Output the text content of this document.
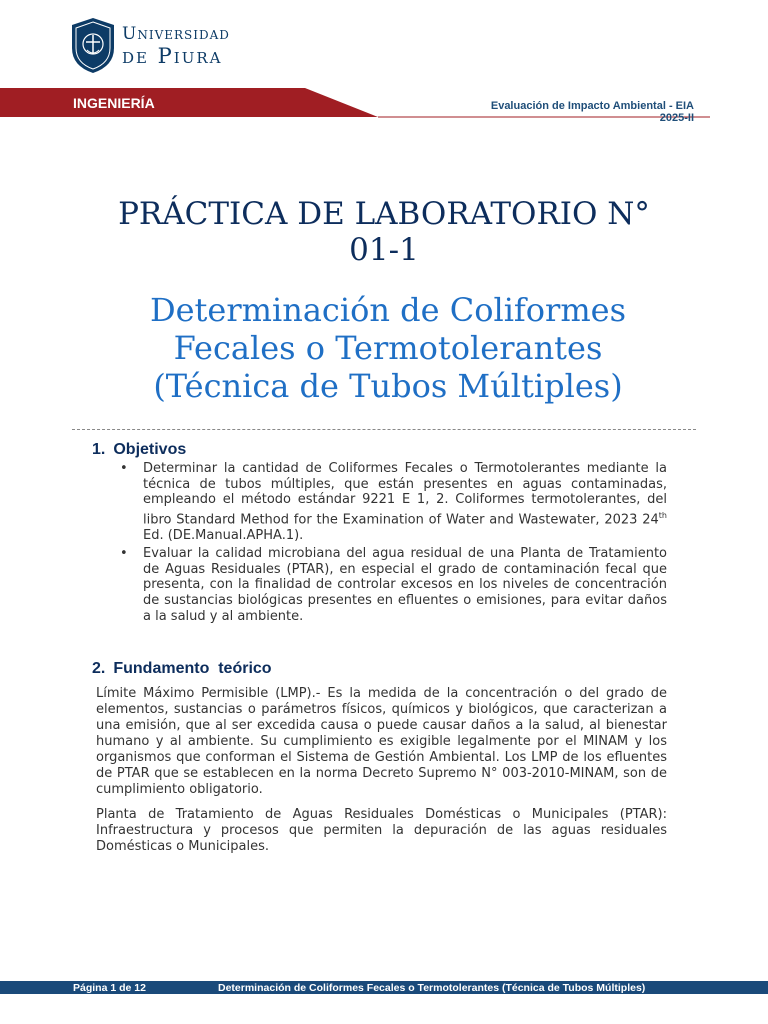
Universidad
de Piura
INGENIERÍA	Evaluación de Impacto Ambiental - EIA
2025-II
PRÁCTICA DE LABORATORIO N°
01-1
Determinación de Coliformes
Fecales o Termotolerantes
(Técnica de Tubos Múltiples)
1. Objetivos
• Determinar la cantidad de Coliformes Fecales o Termotolerantes mediante la técnica de tubos múltiples, que están presentes en aguas contaminadas, empleando el método estándar 9221 E 1, 2. Coliformes termotolerantes, del libro Standard Method for the Examination of Water and Wastewater, 2023 24th Ed. (DE.Manual.APHA.1).
• Evaluar la calidad microbiana del agua residual de una Planta de Tratamiento de Aguas Residuales (PTAR), en especial el grado de contaminación fecal que presenta, con la finalidad de controlar excesos en los niveles de concentración de sustancias biológicas presentes en efluentes o emisiones, para evitar daños a la salud y al ambiente.
2. Fundamento  teórico

Límite Máximo Permisible (LMP).- Es la medida de la concentración o del grado de elementos, sustancias o parámetros físicos, químicos y biológicos, que caracterizan a una emisión, que al ser excedida causa o puede causar daños a la salud, al bienestar humano y al ambiente. Su cumplimiento es exigible legalmente por el MINAM y los organismos que conforman el Sistema de Gestión Ambiental. Los LMP de los efluentes de PTAR que se establecen en la norma Decreto Supremo N° 003-2010-MINAM, son de cumplimiento obligatorio.

Planta de Tratamiento de Aguas Residuales Domésticas o Municipales (PTAR): Infraestructura y procesos que permiten la depuración de las aguas residuales Domésticas o Municipales.

Página 1 de 12	Determinación de Coliformes Fecales o Termotolerantes (Técnica de Tubos Múltiples)
